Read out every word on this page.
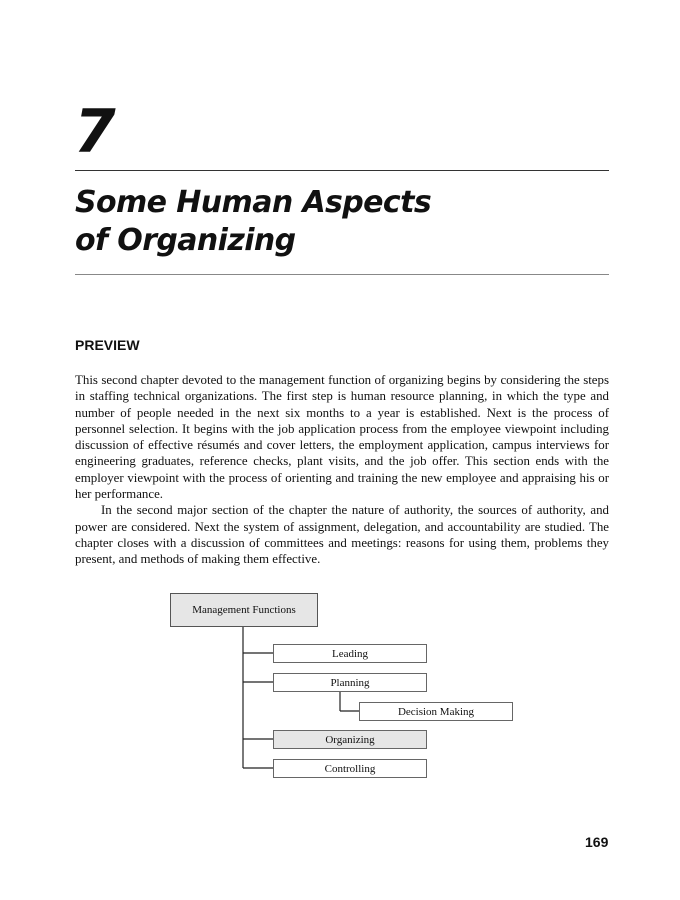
7
Some Human Aspects
of Organizing
PREVIEW

This second chapter devoted to the management function of organizing begins by considering the steps in staffing technical organizations. The first step is human resource planning, in which the type and number of people needed in the next six months to a year is established. Next is the process of personnel selection. It begins with the job application process from the employee viewpoint including discussion of effective résumés and cover letters, the employment application, campus interviews for engineering graduates, reference checks, plant visits, and the job offer. This section ends with the employer viewpoint with the process of orienting and training the new employee and appraising his or her performance.

In the second major section of the chapter the nature of authority, the sources of authority, and power are considered. Next the system of assignment, delegation, and accountability are studied. The chapter closes with a discussion of committees and meetings: reasons for using them, problems they present, and methods of making them effective.

Management Functions
Leading
Planning
Decision Making
Organizing
Controlling
169
